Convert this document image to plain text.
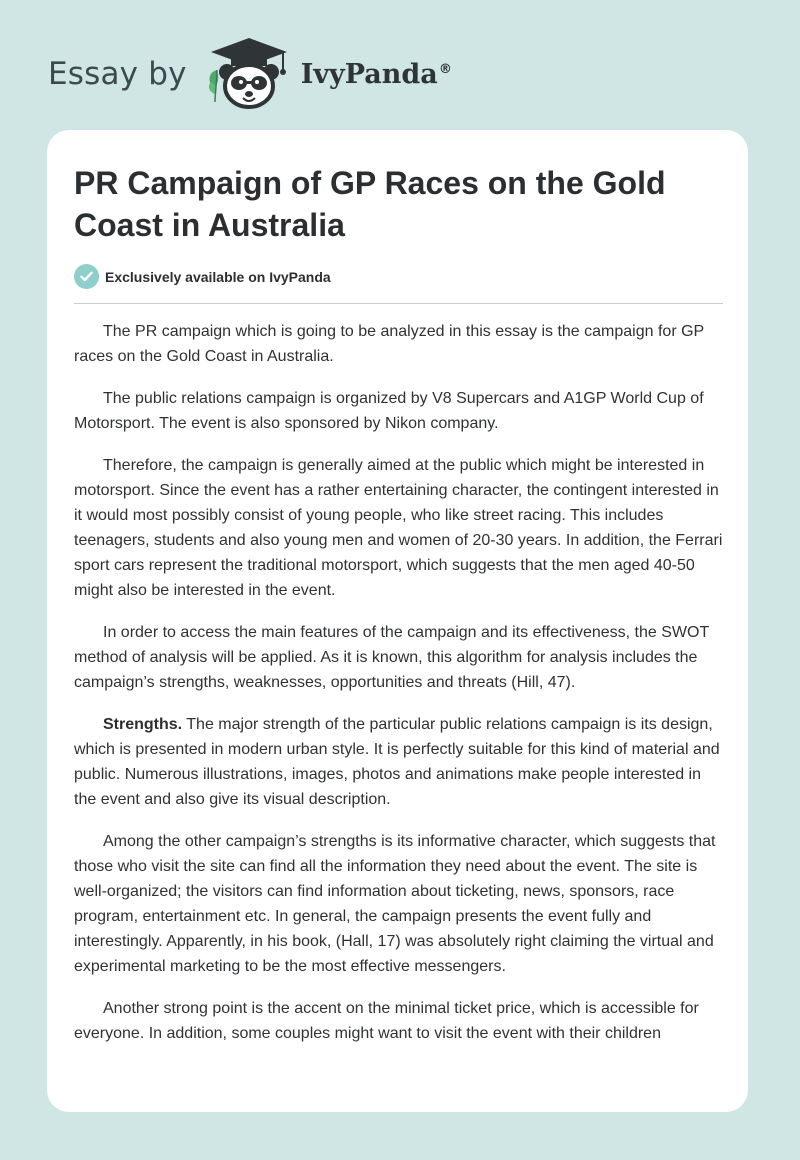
Essay by	IvyPanda®
PR Campaign of GP Races on the Gold Coast in Australia
Exclusively available on IvyPanda

The PR campaign which is going to be analyzed in this essay is the campaign for GP races on the Gold Coast in Australia.

The public relations campaign is organized by V8 Supercars and A1GP World Cup of Motorsport. The event is also sponsored by Nikon company.

Therefore, the campaign is generally aimed at the public which might be interested in motorsport. Since the event has a rather entertaining character, the contingent interested in it would most possibly consist of young people, who like street racing. This includes teenagers, students and also young men and women of 20-30 years. In addition, the Ferrari sport cars represent the traditional motorsport, which suggests that the men aged 40-50 might also be interested in the event.

In order to access the main features of the campaign and its effectiveness, the SWOT method of analysis will be applied. As it is known, this algorithm for analysis includes the campaign’s strengths, weaknesses, opportunities and threats (Hill, 47).

Strengths. The major strength of the particular public relations campaign is its design, which is presented in modern urban style. It is perfectly suitable for this kind of material and public. Numerous illustrations, images, photos and animations make people interested in the event and also give its visual description.

Among the other campaign’s strengths is its informative character, which suggests that those who visit the site can find all the information they need about the event. The site is well-organized; the visitors can find information about ticketing, news, sponsors, race program, entertainment etc. In general, the campaign presents the event fully and interestingly. Apparently, in his book, (Hall, 17) was absolutely right claiming the virtual and experimental marketing to be the most effective messengers.

Another strong point is the accent on the minimal ticket price, which is accessible for everyone. In addition, some couples might want to visit the event with their children
